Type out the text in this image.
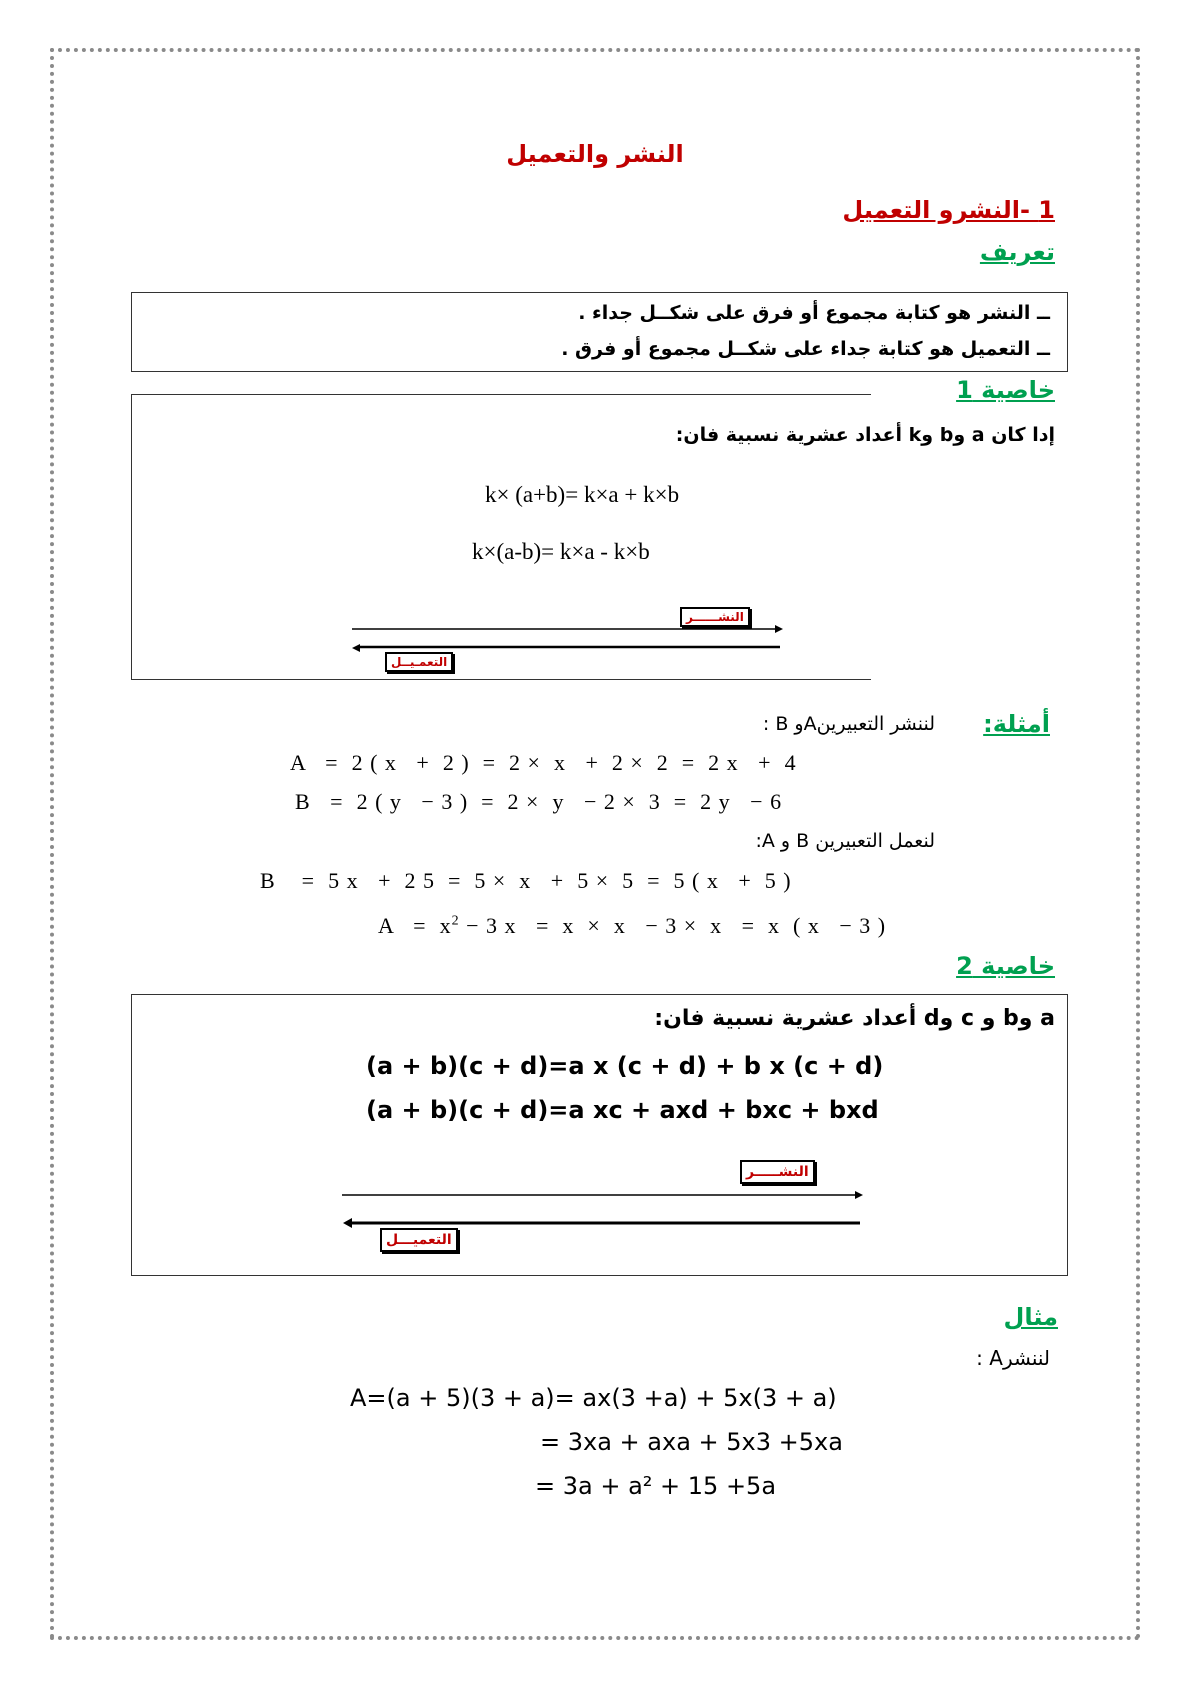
النشر والتعميل
1 -النشرو التعميل
تعريف
ــ النشر هو كتابة مجموع أو فرق على شكــل جداء .
ــ التعميل هو كتابة جداء على شكــل مجموع أو فرق .
خاصية 1
إدا كان a وb وk أعداد عشرية نسبية فان:
k× (a+b)= k×a + k×b
k×(a-b)= k×a - k×b
النشــــــر
التعمـيــل
أمثلة:
لننشر التعبيرينAو B :
A   =  2 ( x   +  2 )  =  2 ×  x   +  2 ×  2  =  2 x   +  4
B   =  2 ( y   − 3 )  =  2 ×  y   − 2 ×  3  =  2 y   − 6
لنعمل التعبيرين B و A:
B    =  5 x   +  2 5  =  5 ×  x   +  5 ×  5  =  5 ( x   +  5 )
$A = x^2 - 3$ x   =  x  ×  x   − 3 ×  x   =  x  ( x   − 3 )
خاصية 2
a وb و c وd أعداد عشرية نسبية فان:
(a + b)(c + d)=a x (c + d) + b x (c + d)
(a + b)(c + d)=a xc + axd + bxc + bxd
النشـــــر
التعميـــل
مثال
لننشرA :
A=(a + 5)(3 + a)= ax(3 +a) + 5x(3 + a)
= 3xa + axa + 5x3 +5xa
= 3a + a² + 15 +5a
